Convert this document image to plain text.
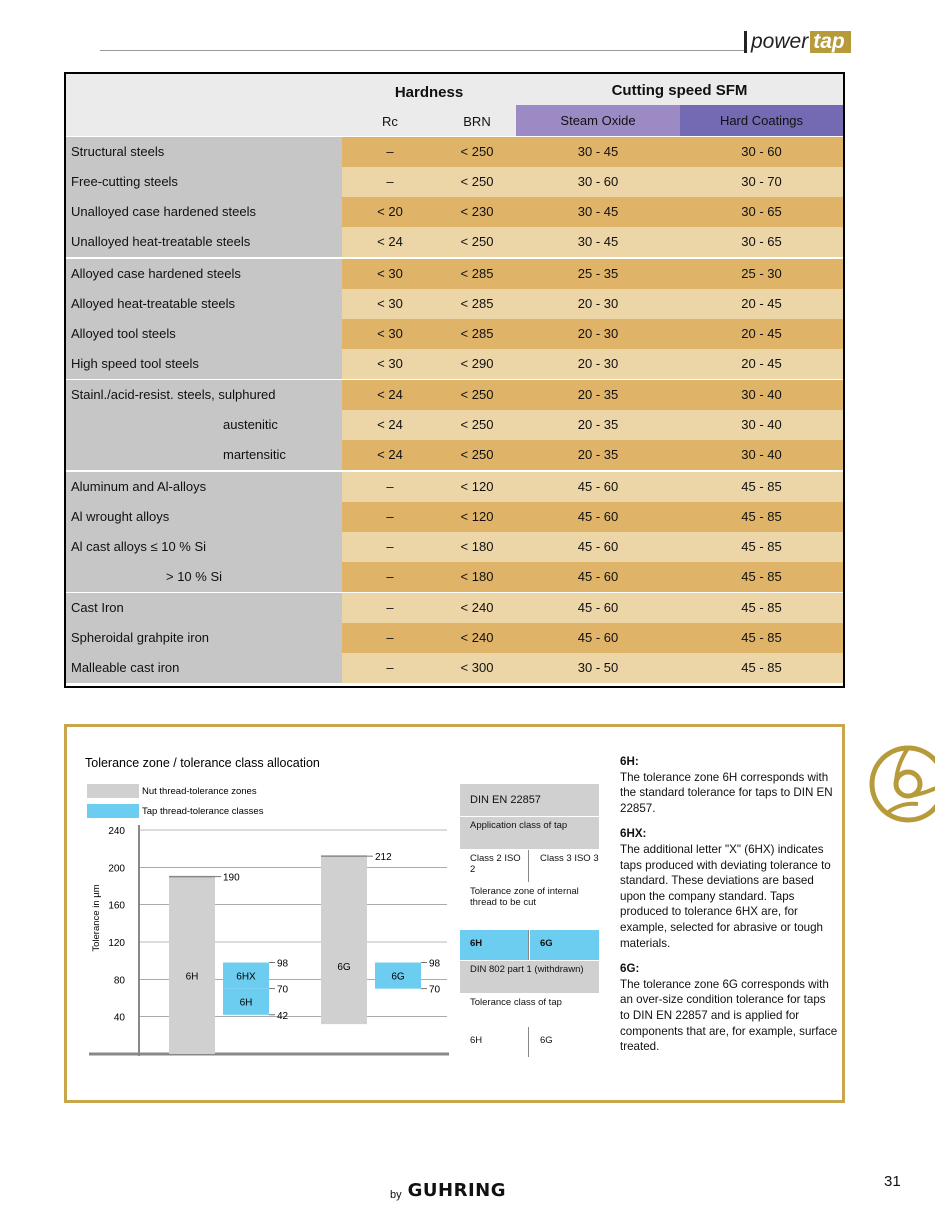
power tap
Hardness	Cutting speed SFM
Rc	BRN	Steam Oxide	Hard Coatings
Structural steels	–	< 250	30 - 45	30 - 60
Free-cutting steels	–	< 250	30 - 60	30 - 70
Unalloyed case hardened steels	< 20	< 230	30 - 45	30 - 65
Unalloyed heat-treatable steels	< 24	< 250	30 - 45	30 - 65
Alloyed case hardened steels	< 30	< 285	25 - 35	25 - 30
Alloyed heat-treatable steels	< 30	< 285	20 - 30	20 - 45
Alloyed tool steels	< 30	< 285	20 - 30	20 - 45
High speed tool steels	< 30	< 290	20 - 30	20 - 45
Stainl./acid-resist. steels, sulphured	< 24	< 250	20 - 35	30 - 40
austenitic	< 24	< 250	20 - 35	30 - 40
martensitic	< 24	< 250	20 - 35	30 - 40
Aluminum and Al-alloys	–	< 120	45 - 60	45 - 85
Al wrought alloys	–	< 120	45 - 60	45 - 85
Al cast alloys ≤ 10 % Si	–	< 180	45 - 60	45 - 85
> 10 % Si	–	< 180	45 - 60	45 - 85
Cast Iron	–	< 240	45 - 60	45 - 85
Spheroidal grahpite iron	–	< 240	45 - 60	45 - 85
Malleable cast iron	–	< 300	30 - 50	45 - 85
Tolerance zone / tolerance class allocation
Nut thread-tolerance zones
Tap thread-tolerance classes
Tolerance in µm
40
80
120
160
200
240
6H
190
6HX
98
70
6H
42
6G
212
6G
98
70
DIN EN 22857
Application class of tap
Class 2 ISO 2
Class 3 ISO 3
Tolerance zone of internal thread to be cut
6H	6G
DIN 802 part 1 (withdrawn)
Tolerance class of tap
6H	6G

6H:
The tolerance zone 6H corresponds with the standard tolerance for taps to DIN EN 22857.

6HX:
The additional letter "X" (6HX) indicates taps produced with deviating tolerance to standard. These deviations are based upon the company standard. Taps produced to tolerance 6HX are, for example, selected for abrasive or tough materials.

6G:
The tolerance zone 6G corresponds with an over-size condition tolerance for taps to DIN EN 22857 and is applied for components that are, for example, surface treated.

by GUHRING	31
